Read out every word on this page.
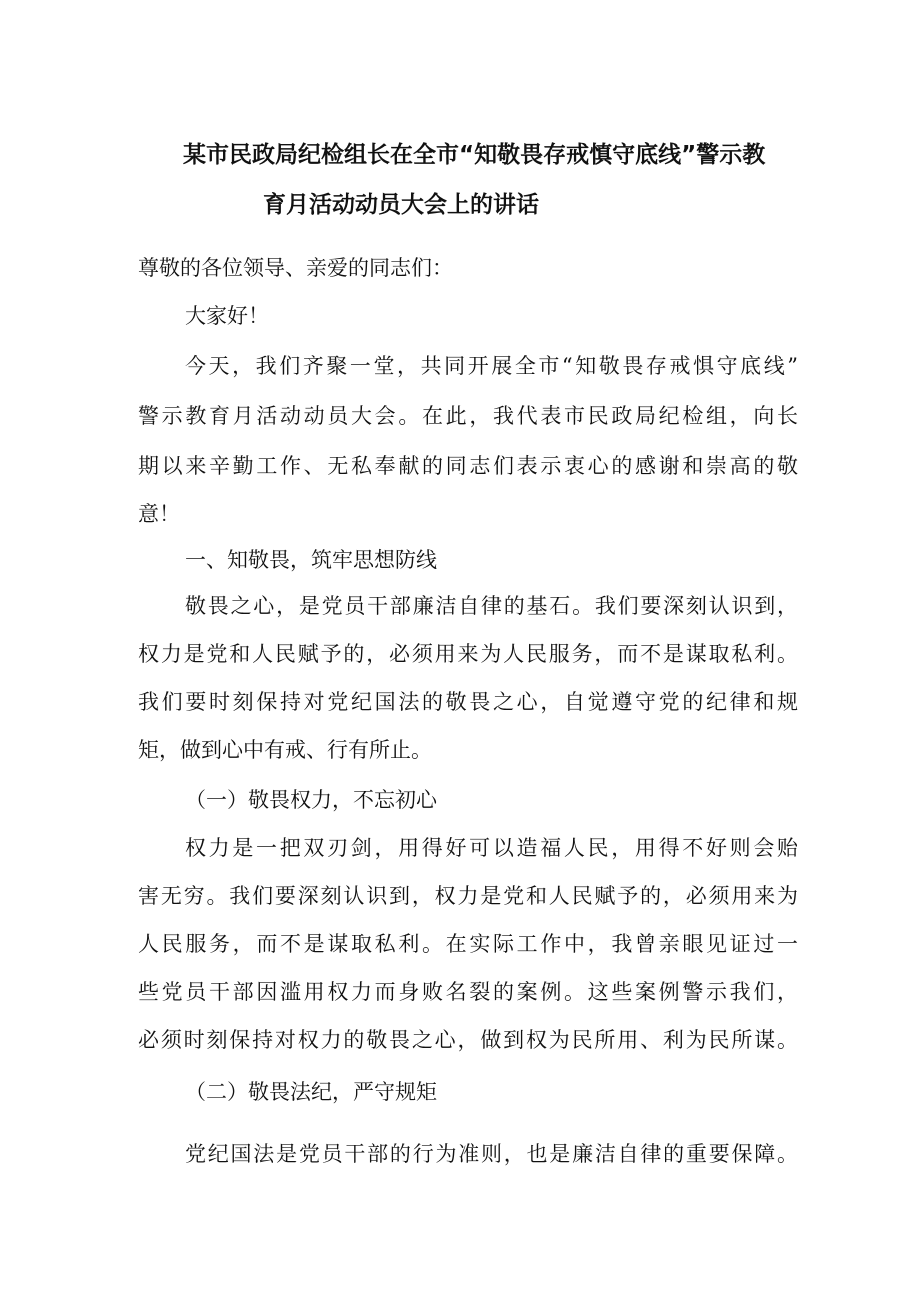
某市民政局纪检组长在全市“知敬畏存戒慎守底线”警示教
育月活动动员大会上的讲话
尊敬的各位领导、亲爱的同志们：
大家好！
今天，我们齐聚一堂，共同开展全市“知敬畏存戒惧守底线”
警示教育月活动动员大会。在此，我代表市民政局纪检组，向长
期以来辛勤工作、无私奉献的同志们表示衷心的感谢和崇高的敬
意！
一、知敬畏，筑牢思想防线
敬畏之心，是党员干部廉洁自律的基石。我们要深刻认识到，
权力是党和人民赋予的，必须用来为人民服务，而不是谋取私利。
我们要时刻保持对党纪国法的敬畏之心，自觉遵守党的纪律和规
矩，做到心中有戒、行有所止。
（一）敬畏权力，不忘初心
权力是一把双刃剑，用得好可以造福人民，用得不好则会贻
害无穷。我们要深刻认识到，权力是党和人民赋予的，必须用来为
人民服务，而不是谋取私利。在实际工作中，我曾亲眼见证过一
些党员干部因滥用权力而身败名裂的案例。这些案例警示我们，
必须时刻保持对权力的敬畏之心，做到权为民所用、利为民所谋。
（二）敬畏法纪，严守规矩
党纪国法是党员干部的行为准则，也是廉洁自律的重要保障。
